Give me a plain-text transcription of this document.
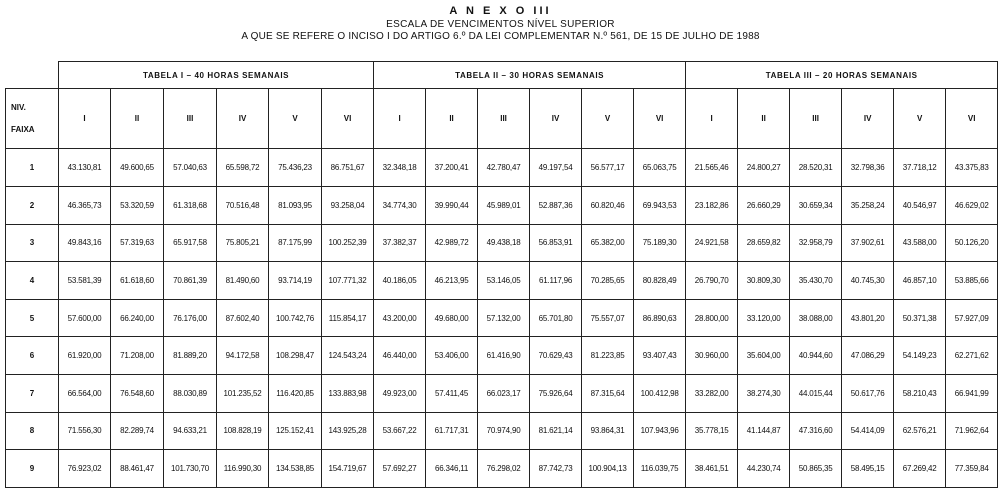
A N E X O III
ESCALA DE VENCIMENTOS NÍVEL SUPERIOR
A QUE SE REFERE O INCISO I DO ARTIGO 6.º DA LEI COMPLEMENTAR N.º 561, DE 15 DE JULHO DE 1988
	TABELA I – 40 HORAS SEMANAIS						TABELA II – 30 HORAS SEMANAIS						TABELA III – 20 HORAS SEMANAIS					
NIV.
FAIXA	I	II	III	IV	V	VI	I	II	III	IV	V	VI	I	II	III	IV	V	VI
1	43.130,81	49.600,65	57.040,63	65.598,72	75.436,23	86.751,67	32.348,18	37.200,41	42.780,47	49.197,54	56.577,17	65.063,75	21.565,46	24.800,27	28.520,31	32.798,36	37.718,12	43.375,83
2	46.365,73	53.320,59	61.318,68	70.516,48	81.093,95	93.258,04	34.774,30	39.990,44	45.989,01	52.887,36	60.820,46	69.943,53	23.182,86	26.660,29	30.659,34	35.258,24	40.546,97	46.629,02
3	49.843,16	57.319,63	65.917,58	75.805,21	87.175,99	100.252,39	37.382,37	42.989,72	49.438,18	56.853,91	65.382,00	75.189,30	24.921,58	28.659,82	32.958,79	37.902,61	43.588,00	50.126,20
4	53.581,39	61.618,60	70.861,39	81.490,60	93.714,19	107.771,32	40.186,05	46.213,95	53.146,05	61.117,96	70.285,65	80.828,49	26.790,70	30.809,30	35.430,70	40.745,30	46.857,10	53.885,66
5	57.600,00	66.240,00	76.176,00	87.602,40	100.742,76	115.854,17	43.200,00	49.680,00	57.132,00	65.701,80	75.557,07	86.890,63	28.800,00	33.120,00	38.088,00	43.801,20	50.371,38	57.927,09
6	61.920,00	71.208,00	81.889,20	94.172,58	108.298,47	124.543,24	46.440,00	53.406,00	61.416,90	70.629,43	81.223,85	93.407,43	30.960,00	35.604,00	40.944,60	47.086,29	54.149,23	62.271,62
7	66.564,00	76.548,60	88.030,89	101.235,52	116.420,85	133.883,98	49.923,00	57.411,45	66.023,17	75.926,64	87.315,64	100.412,98	33.282,00	38.274,30	44.015,44	50.617,76	58.210,43	66.941,99
8	71.556,30	82.289,74	94.633,21	108.828,19	125.152,41	143.925,28	53.667,22	61.717,31	70.974,90	81.621,14	93.864,31	107.943,96	35.778,15	41.144,87	47.316,60	54.414,09	62.576,21	71.962,64
9	76.923,02	88.461,47	101.730,70	116.990,30	134.538,85	154.719,67	57.692,27	66.346,11	76.298,02	87.742,73	100.904,13	116.039,75	38.461,51	44.230,74	50.865,35	58.495,15	67.269,42	77.359,84
